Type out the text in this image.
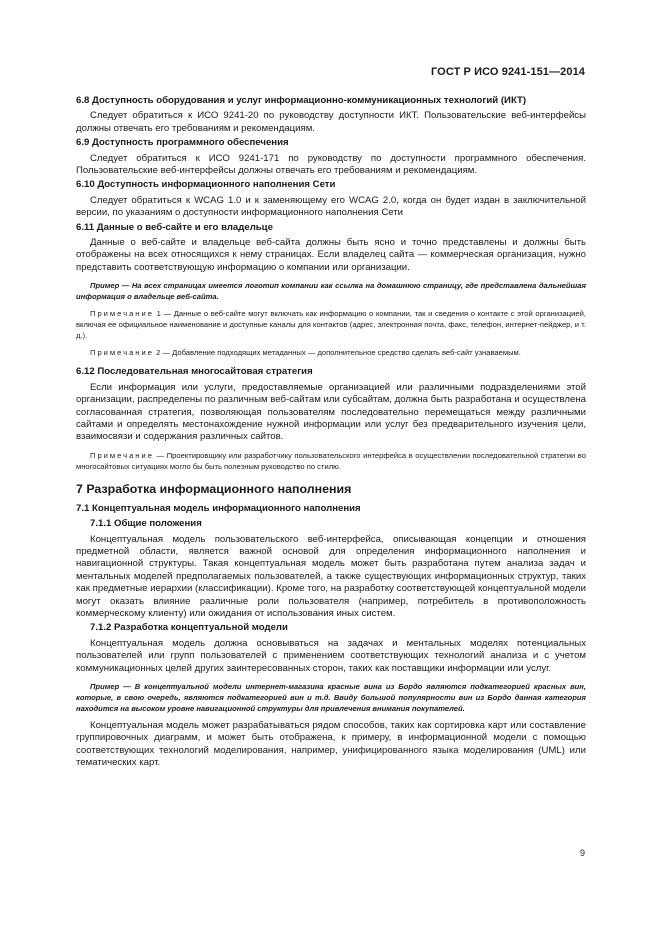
ГОСТ Р ИСО 9241-151—2014
6.8 Доступность оборудования и услуг информационно-коммуникационных технологий (ИКТ)
Следует обратиться к ИСО 9241-20 по руководству доступности ИКТ. Пользовательские веб-интерфейсы должны отвечать его требованиям и рекомендациям.
6.9 Доступность программного обеспечения
Следует обратиться к ИСО 9241-171 по руководству по доступности программного обеспечения. Пользовательские веб-интерфейсы должны отвечать его требованиям и рекомендациям.
6.10 Доступность информационного наполнения Сети
Следует обратиться к WCAG 1.0 и к заменяющему его WCAG 2.0, когда он будет издан в заключительной версии, по указаниям о доступности информационного наполнения Сети
6.11 Данные о веб-сайте и его владельце
Данные о веб-сайте и владельце веб-сайта должны быть ясно и точно представлены и должны быть отображены на всех относящихся к нему страницах. Если владелец сайта — коммерческая организация, нужно представить соответствующую информацию о компании или организации.
Пример — На всех страницах имеется логотип компании как ссылка на домашнюю страницу, где представлена дальнейшая информация о владельце веб-сайта.
Примечание 1 — Данные о веб-сайте могут включать как информацию о компании, так и сведения о контакте с этой организацией, включая ее официальное наименование и доступные каналы для контактов (адрес, электронная почта, факс, телефон, интернет-пейджер, и т. д.).
Примечание 2 — Добавление подходящих метаданных — дополнительное средство сделать веб-сайт узнаваемым.
6.12 Последовательная многосайтовая стратегия
Если информация или услуги, предоставляемые организацией или различными подразделениями этой организации, распределены по различным веб-сайтам или субсайтам, должна быть разработана и осуществлена согласованная стратегия, позволяющая пользователям последовательно перемещаться между различными сайтами и определять местонахождение нужной информации или услуг без предварительного изучения цели, взаимосвязи и содержания различных сайтов.
Примечание — Проектировщику или разработчику пользовательского интерфейса в осуществлении последовательной стратегии во многосайтовых ситуациях могло бы быть полезным руководство по стилю.
7 Разработка информационного наполнения
7.1 Концептуальная модель информационного наполнения
7.1.1 Общие положения
Концептуальная модель пользовательского веб-интерфейса, описывающая концепции и отношения предметной области, является важной основой для определения информационного наполнения и навигационной структуры. Такая концептуальная модель может быть разработана путем анализа задач и ментальных моделей предполагаемых пользователей, а также существующих информационных структур, таких как предметные иерархии (классификации). Кроме того, на разработку соответствующей концептуальной модели могут оказать влияние различные роли пользователя (например, потребитель в противоположность коммерческому клиенту) или ожидания от использования иных систем.
7.1.2 Разработка концептуальной модели
Концептуальная модель должна основываться на задачах и ментальных моделях потенциальных пользователей или групп пользователей с применением соответствующих технологий анализа и с учетом коммуникационных целей других заинтересованных сторон, таких как поставщики информации или услуг.
Пример — В концептуальной модели интернет-магазина красные вина из Бордо являются подкатегорией красных вин, которые, в свою очередь, являются подкатегорией вин и т.д. Ввиду большой популярности вин из Бордо данная категория находится на высоком уровне навигационной структуры для привлечения внимания покупателей.
Концептуальная модель может разрабатываться рядом способов, таких как сортировка карт или составление группировочных диаграмм, и может быть отображена, к примеру, в информационной модели с помощью соответствующих технологий моделирования, например, унифицированного языка моделирования (UML) или тематических карт.
9
